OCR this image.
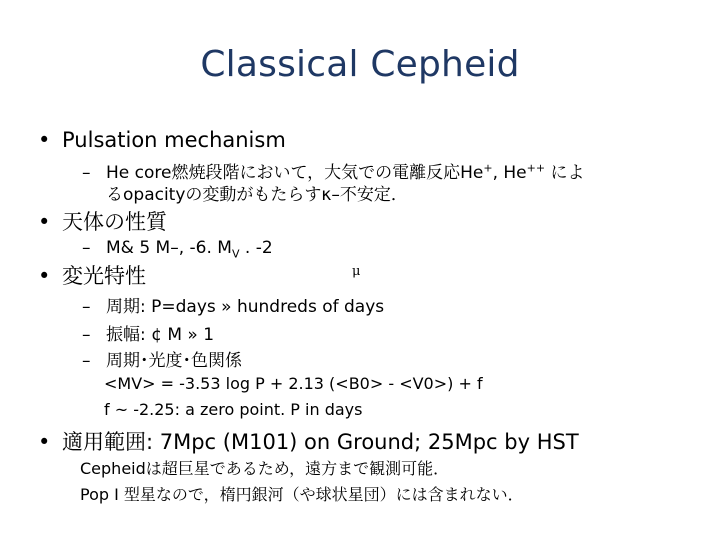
Classical Cepheid
• Pulsation mechanism
– He core燃焼段階において，大気での電離反応He+, He++ によ
るopacityの変動がもたらすκ–不安定．
• 天体の性質
– M& 5 M–, -6. $M_V$ . -2
• 変光特性	μ
– 周期: P=days » hundreds of days
– 振幅: ¢ M » 1
– 周期･光度･色関係
<MV> = -3.53 log P + 2.13 (<B0> - <V0>) + f
f ~ -2.25: a zero point. P in days
• 適用範囲: 7Mpc (M101) on Ground; 25Mpc by HST
Cepheidは超巨星であるため，遠方まで観測可能．
Pop I 型星なので，楕円銀河（や球状星団）には含まれない．
